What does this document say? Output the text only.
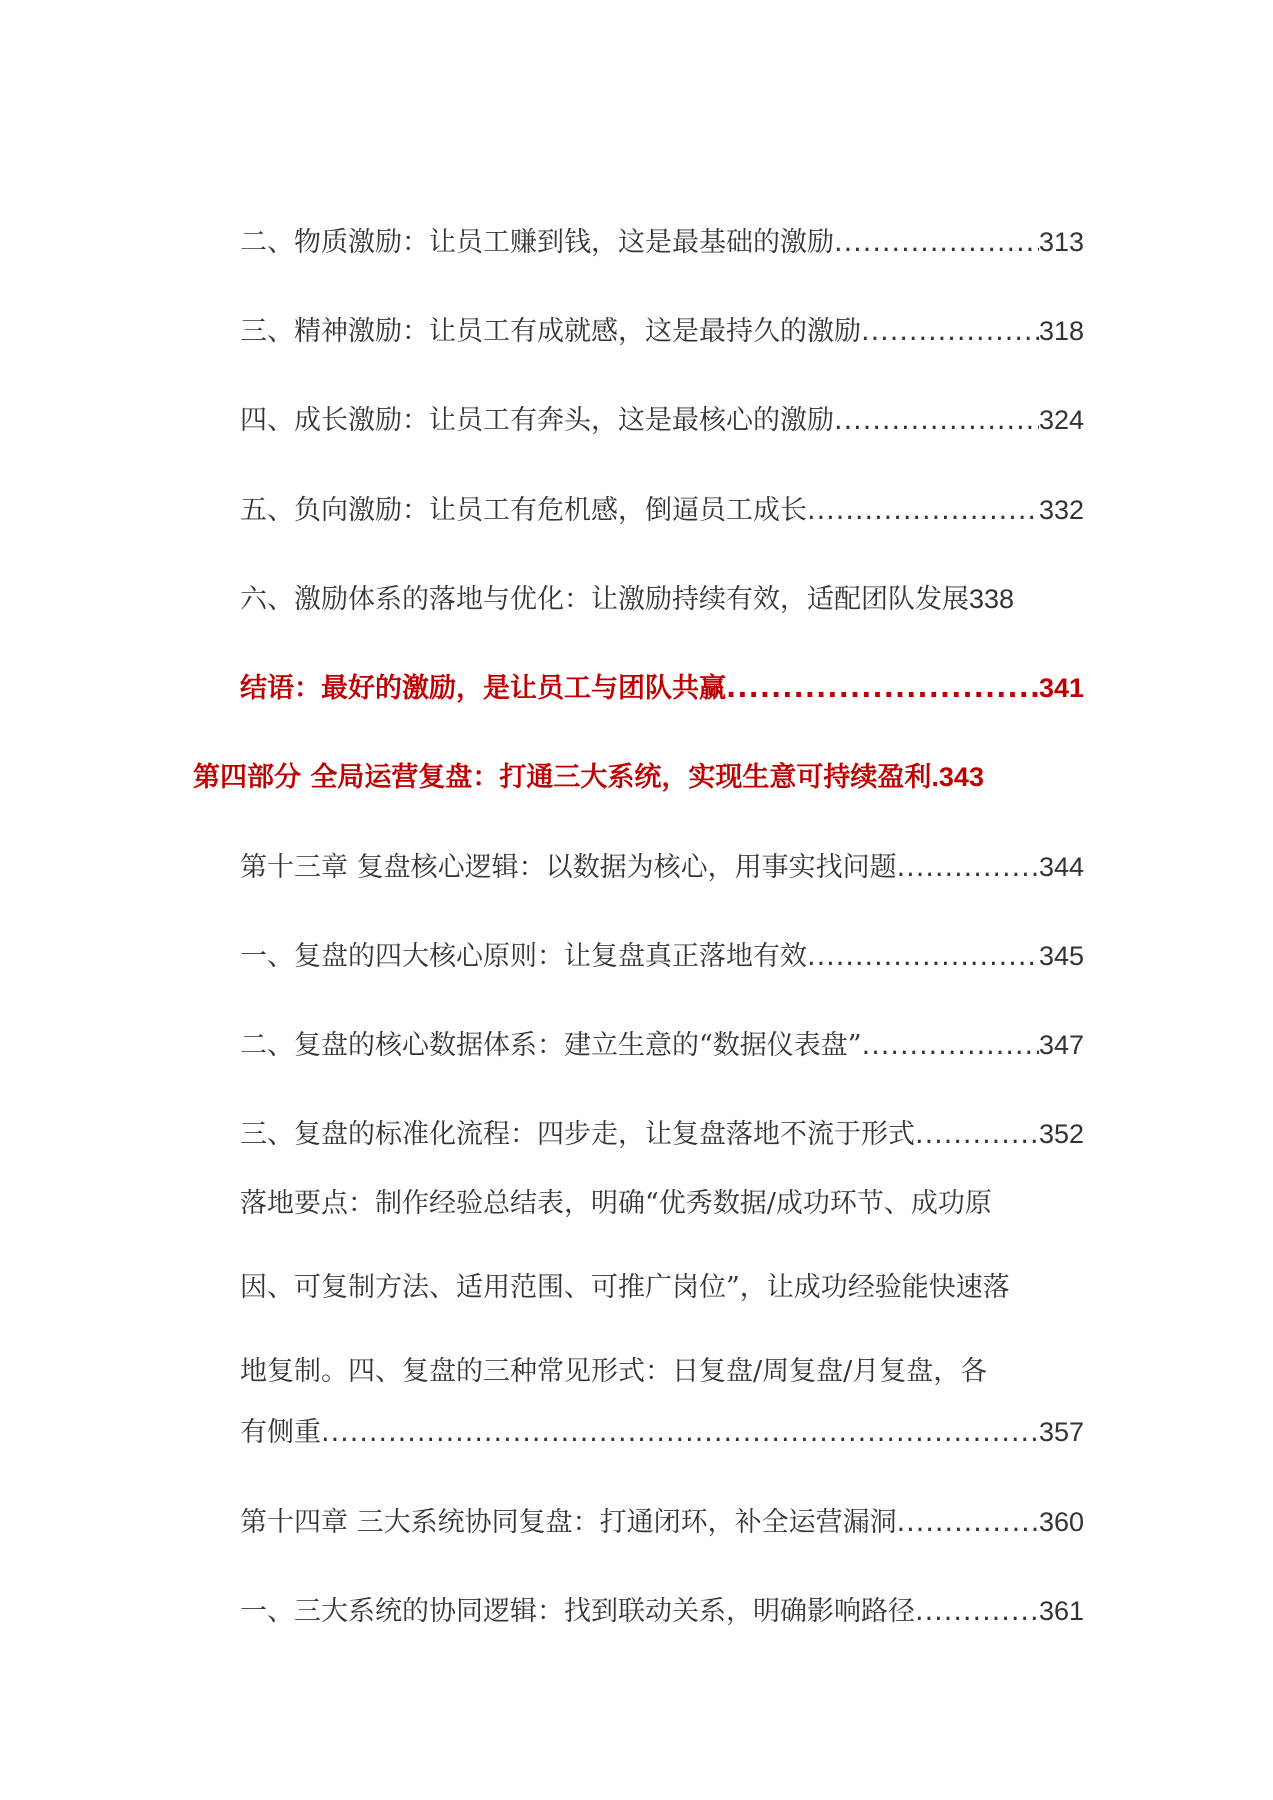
二、物质激励：让员工赚到钱，这是最基础的激励 .....	313
三、精神激励：让员工有成就感，这是最持久的激励 .....	318
四、成长激励：让员工有奔头，这是最核心的激励 .....	324
五、负向激励：让员工有危机感，倒逼员工成长 .....	332
六、激励体系的落地与优化：让激励持续有效，适配团队发展 338
结语：最好的激励，是让员工与团队共赢 .....	341
第四部分 全局运营复盘：打通三大系统，实现生意可持续盈利 .343
第十三章 复盘核心逻辑：以数据为核心，用事实找问题 .....	344
一、复盘的四大核心原则：让复盘真正落地有效 .....	345
二、复盘的核心数据体系：建立生意的“数据仪表盘” .....	347
三、复盘的标准化流程：四步走，让复盘落地不流于形式 .....	352
落地要点：制作经验总结表，明确“优秀数据/成功环节、成功原
因、可复制方法、适用范围、可推广岗位”，让成功经验能快速落
地复制。四、复盘的三种常见形式：日复盘/周复盘/月复盘，各
有侧重 .....	357
第十四章 三大系统协同复盘：打通闭环，补全运营漏洞 .....	360
一、三大系统的协同逻辑：找到联动关系，明确影响路径 .....	361
